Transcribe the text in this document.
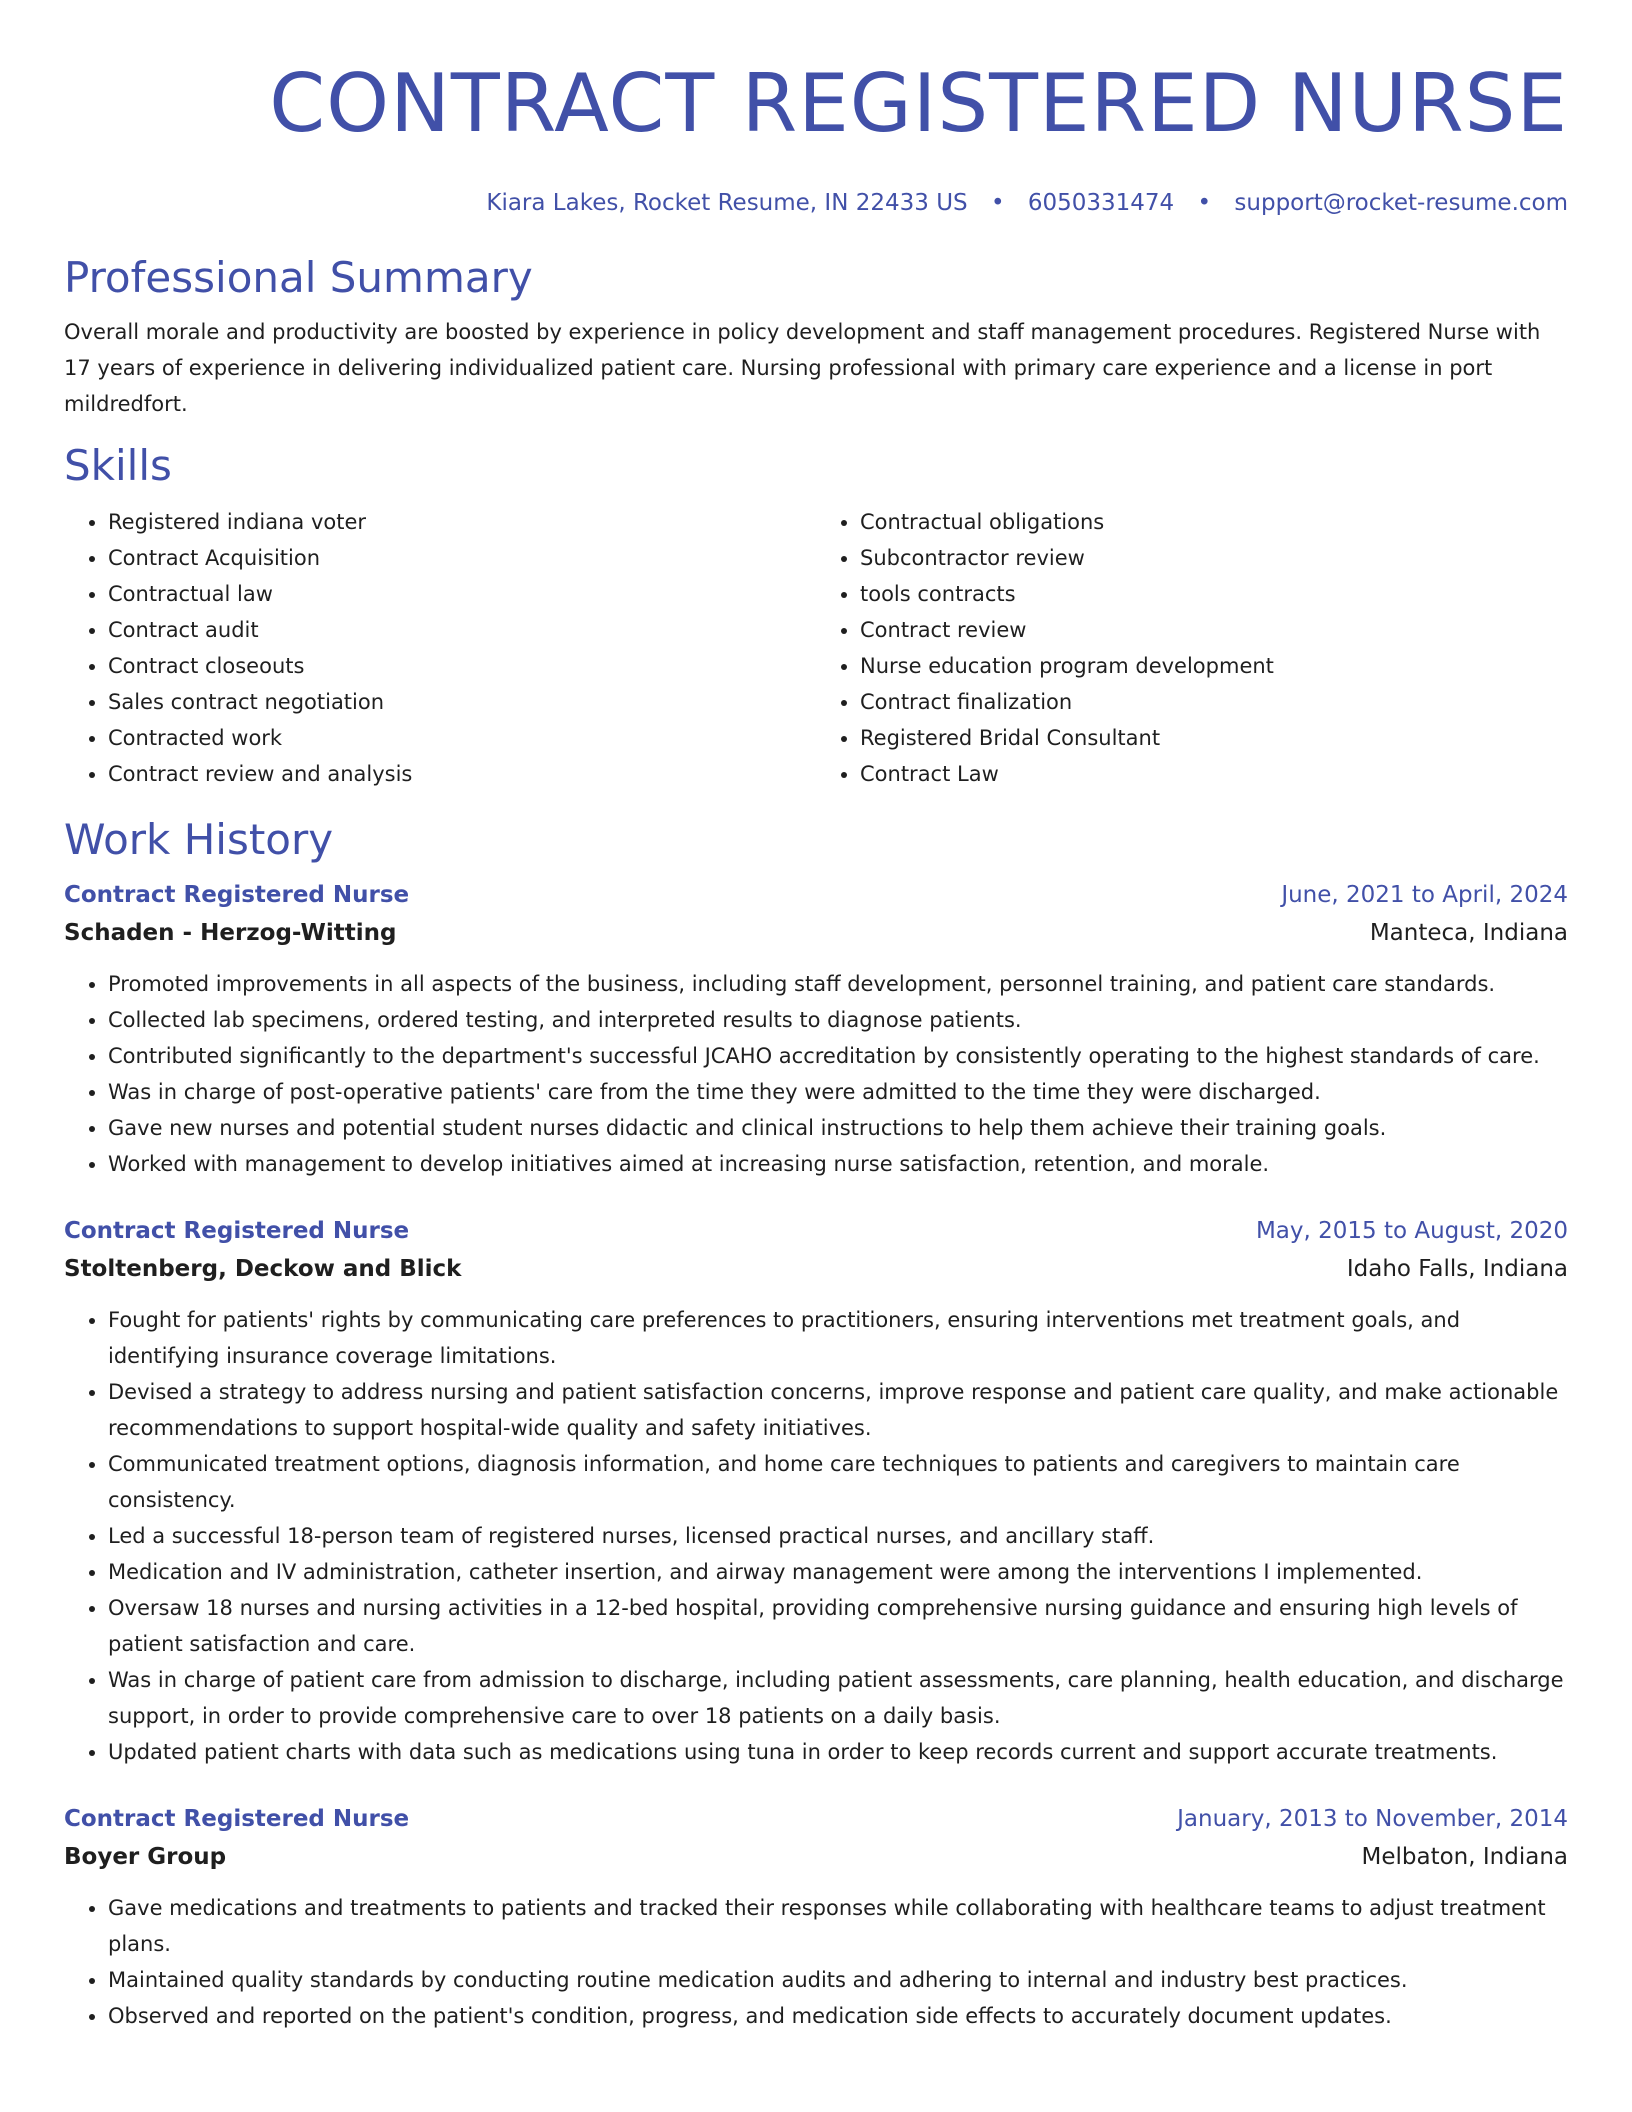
CONTRACT REGISTERED NURSE
Kiara Lakes, Rocket Resume, IN 22433 US • 6050331474 • support@rocket-resume.com
Professional Summary

Overall morale and productivity are boosted by experience in policy development and staff management procedures. Registered Nurse with 17 years of experience in delivering individualized patient care. Nursing professional with primary care experience and a license in port mildredfort.

Skills
• Registered indiana voter
• Contract Acquisition
• Contractual law
• Contract audit
• Contract closeouts
• Sales contract negotiation
• Contracted work
• Contract review and analysis
• Contractual obligations
• Subcontractor review
• tools contracts
• Contract review
• Nurse education program development
• Contract finalization
• Registered Bridal Consultant
• Contract Law
Work History
Contract Registered Nurse	June, 2021 to April, 2024
Schaden - Herzog-Witting	Manteca, Indiana
• Promoted improvements in all aspects of the business, including staff development, personnel training, and patient care standards.
• Collected lab specimens, ordered testing, and interpreted results to diagnose patients.
• Contributed significantly to the department's successful JCAHO accreditation by consistently operating to the highest standards of care.
• Was in charge of post-operative patients' care from the time they were admitted to the time they were discharged.
• Gave new nurses and potential student nurses didactic and clinical instructions to help them achieve their training goals.
• Worked with management to develop initiatives aimed at increasing nurse satisfaction, retention, and morale.
Contract Registered Nurse	May, 2015 to August, 2020
Stoltenberg, Deckow and Blick	Idaho Falls, Indiana
• Fought for patients' rights by communicating care preferences to practitioners, ensuring interventions met treatment goals, and identifying insurance coverage limitations.
• Devised a strategy to address nursing and patient satisfaction concerns, improve response and patient care quality, and make actionable recommendations to support hospital-wide quality and safety initiatives.
• Communicated treatment options, diagnosis information, and home care techniques to patients and caregivers to maintain care consistency.
• Led a successful 18-person team of registered nurses, licensed practical nurses, and ancillary staff.
• Medication and IV administration, catheter insertion, and airway management were among the interventions I implemented.
• Oversaw 18 nurses and nursing activities in a 12-bed hospital, providing comprehensive nursing guidance and ensuring high levels of patient satisfaction and care.
• Was in charge of patient care from admission to discharge, including patient assessments, care planning, health education, and discharge support, in order to provide comprehensive care to over 18 patients on a daily basis.
• Updated patient charts with data such as medications using tuna in order to keep records current and support accurate treatments.
Contract Registered Nurse	January, 2013 to November, 2014
Boyer Group	Melbaton, Indiana
• Gave medications and treatments to patients and tracked their responses while collaborating with healthcare teams to adjust treatment plans.
• Maintained quality standards by conducting routine medication audits and adhering to internal and industry best practices.
• Observed and reported on the patient's condition, progress, and medication side effects to accurately document updates.
